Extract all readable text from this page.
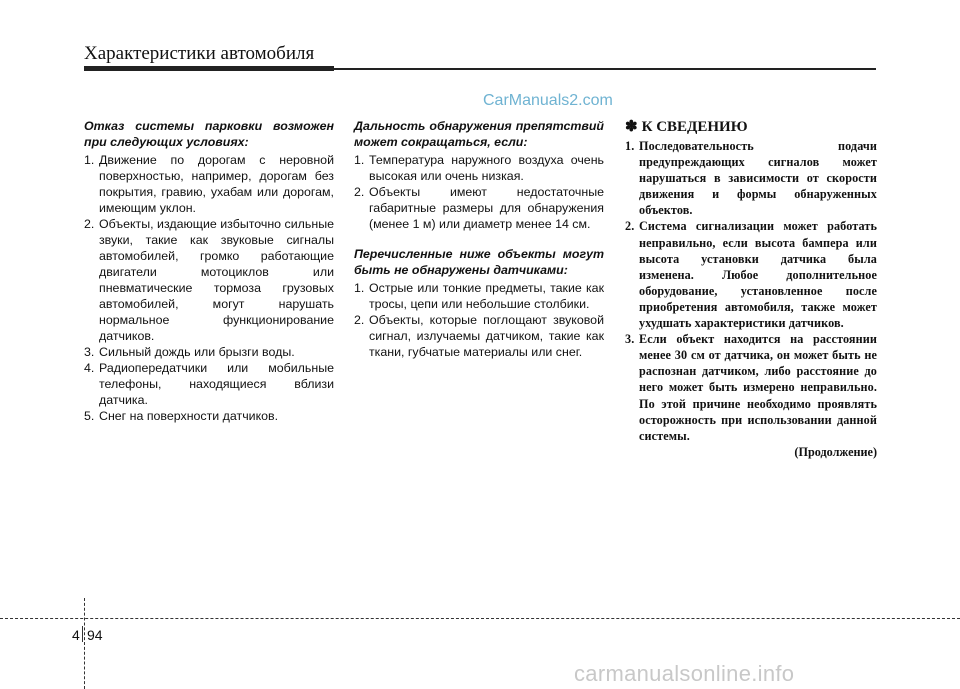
Характеристики автомобиля
CarManuals2.com

Отказ системы парковки возможен при следующих условиях:

1. Движение по дорогам с неровной поверхностью, например, дорогам без покрытия, гравию, ухабам или дорогам, имеющим уклон.
2. Объекты, издающие избыточно сильные звуки, такие как звуковые сигналы автомобилей, громко работающие двигатели мотоциклов или пневматические тормоза грузовых автомобилей, могут нарушать нормальное функционирование датчиков.
3. Сильный дождь или брызги воды.
4. Радиопередатчики или мобильные телефоны, находящиеся вблизи датчика.
5. Снег на поверхности датчиков.

Дальность обнаружения препятствий может сокращаться, если:

1. Температура наружного воздуха очень высокая или очень низкая.
2. Объекты имеют недостаточные габаритные размеры для обнаружения (менее 1 м) или диаметр менее 14 см.

Перечисленные ниже объекты могут быть не обнаружены датчиками:

1. Острые или тонкие предметы, такие как тросы, цепи или небольшие столбики.
2. Объекты, которые поглощают звуковой сигнал, излучаемы датчиком, такие как ткани, губчатые материалы или снег.

✽ К СВЕДЕНИЮ

1. Последовательность подачи предупреждающих сигналов может нарушаться в зависимости от скорости движения и формы обнаруженных объектов.
2. Система сигнализации может работать неправильно, если высота бампера или высота установки датчика была изменена. Любое дополнительное оборудование, установленное после приобретения автомобиля, также может ухудшать характеристики датчиков.
3. Если объект находится на расстоянии менее 30 см от датчика, он может быть не распознан датчиком, либо расстояние до него может быть измерено неправильно. По этой причине необходимо проявлять осторожность при использовании данной системы.
(Продолжение)
4 94
carmanualsonline.info
